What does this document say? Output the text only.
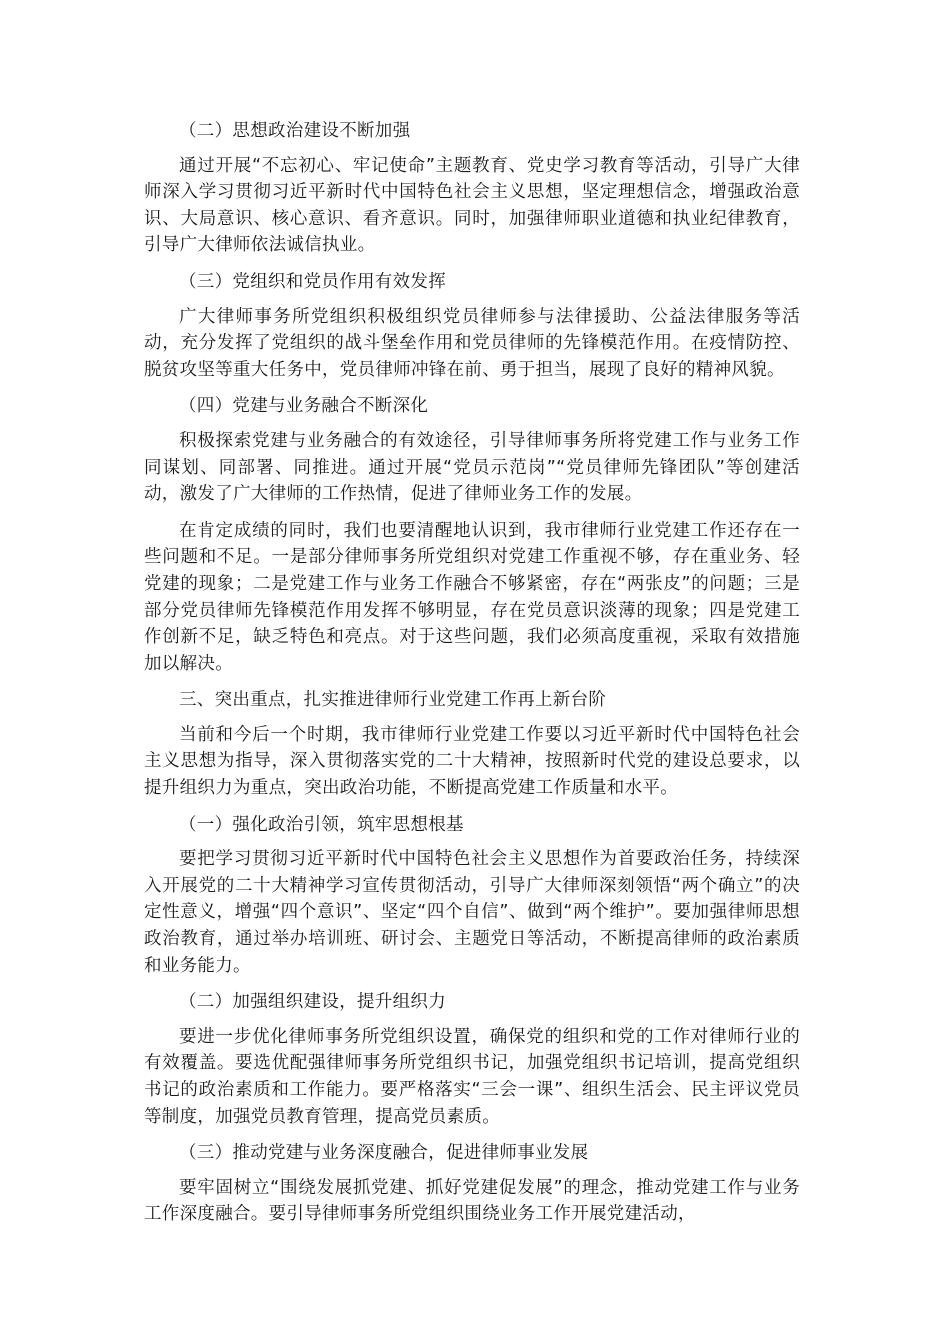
（二）思想政治建设不断加强

通过开展“不忘初心、牢记使命”主题教育、党史学习教育等活动，引导广大律师深入学习贯彻习近平新时代中国特色社会主义思想，坚定理想信念，增强政治意识、大局意识、核心意识、看齐意识。同时，加强律师职业道德和执业纪律教育，引导广大律师依法诚信执业。

（三）党组织和党员作用有效发挥

广大律师事务所党组织积极组织党员律师参与法律援助、公益法律服务等活动，充分发挥了党组织的战斗堡垒作用和党员律师的先锋模范作用。在疫情防控、脱贫攻坚等重大任务中，党员律师冲锋在前、勇于担当，展现了良好的精神风貌。

（四）党建与业务融合不断深化

积极探索党建与业务融合的有效途径，引导律师事务所将党建工作与业务工作同谋划、同部署、同推进。通过开展“党员示范岗”“党员律师先锋团队”等创建活动，激发了广大律师的工作热情，促进了律师业务工作的发展。

在肯定成绩的同时，我们也要清醒地认识到，我市律师行业党建工作还存在一些问题和不足。一是部分律师事务所党组织对党建工作重视不够，存在重业务、轻党建的现象；二是党建工作与业务工作融合不够紧密，存在“两张皮”的问题；三是部分党员律师先锋模范作用发挥不够明显，存在党员意识淡薄的现象；四是党建工作创新不足，缺乏特色和亮点。对于这些问题，我们必须高度重视，采取有效措施加以解决。

三、突出重点，扎实推进律师行业党建工作再上新台阶

当前和今后一个时期，我市律师行业党建工作要以习近平新时代中国特色社会主义思想为指导，深入贯彻落实党的二十大精神，按照新时代党的建设总要求，以提升组织力为重点，突出政治功能，不断提高党建工作质量和水平。

（一）强化政治引领，筑牢思想根基

要把学习贯彻习近平新时代中国特色社会主义思想作为首要政治任务，持续深入开展党的二十大精神学习宣传贯彻活动，引导广大律师深刻领悟“两个确立”的决定性意义，增强“四个意识”、坚定“四个自信”、做到“两个维护”。要加强律师思想政治教育，通过举办培训班、研讨会、主题党日等活动，不断提高律师的政治素质和业务能力。

（二）加强组织建设，提升组织力

要进一步优化律师事务所党组织设置，确保党的组织和党的工作对律师行业的有效覆盖。要选优配强律师事务所党组织书记，加强党组织书记培训，提高党组织书记的政治素质和工作能力。要严格落实“三会一课”、组织生活会、民主评议党员等制度，加强党员教育管理，提高党员素质。

（三）推动党建与业务深度融合，促进律师事业发展

要牢固树立“围绕发展抓党建、抓好党建促发展”的理念，推动党建工作与业务工作深度融合。要引导律师事务所党组织围绕业务工作开展党建活动，
